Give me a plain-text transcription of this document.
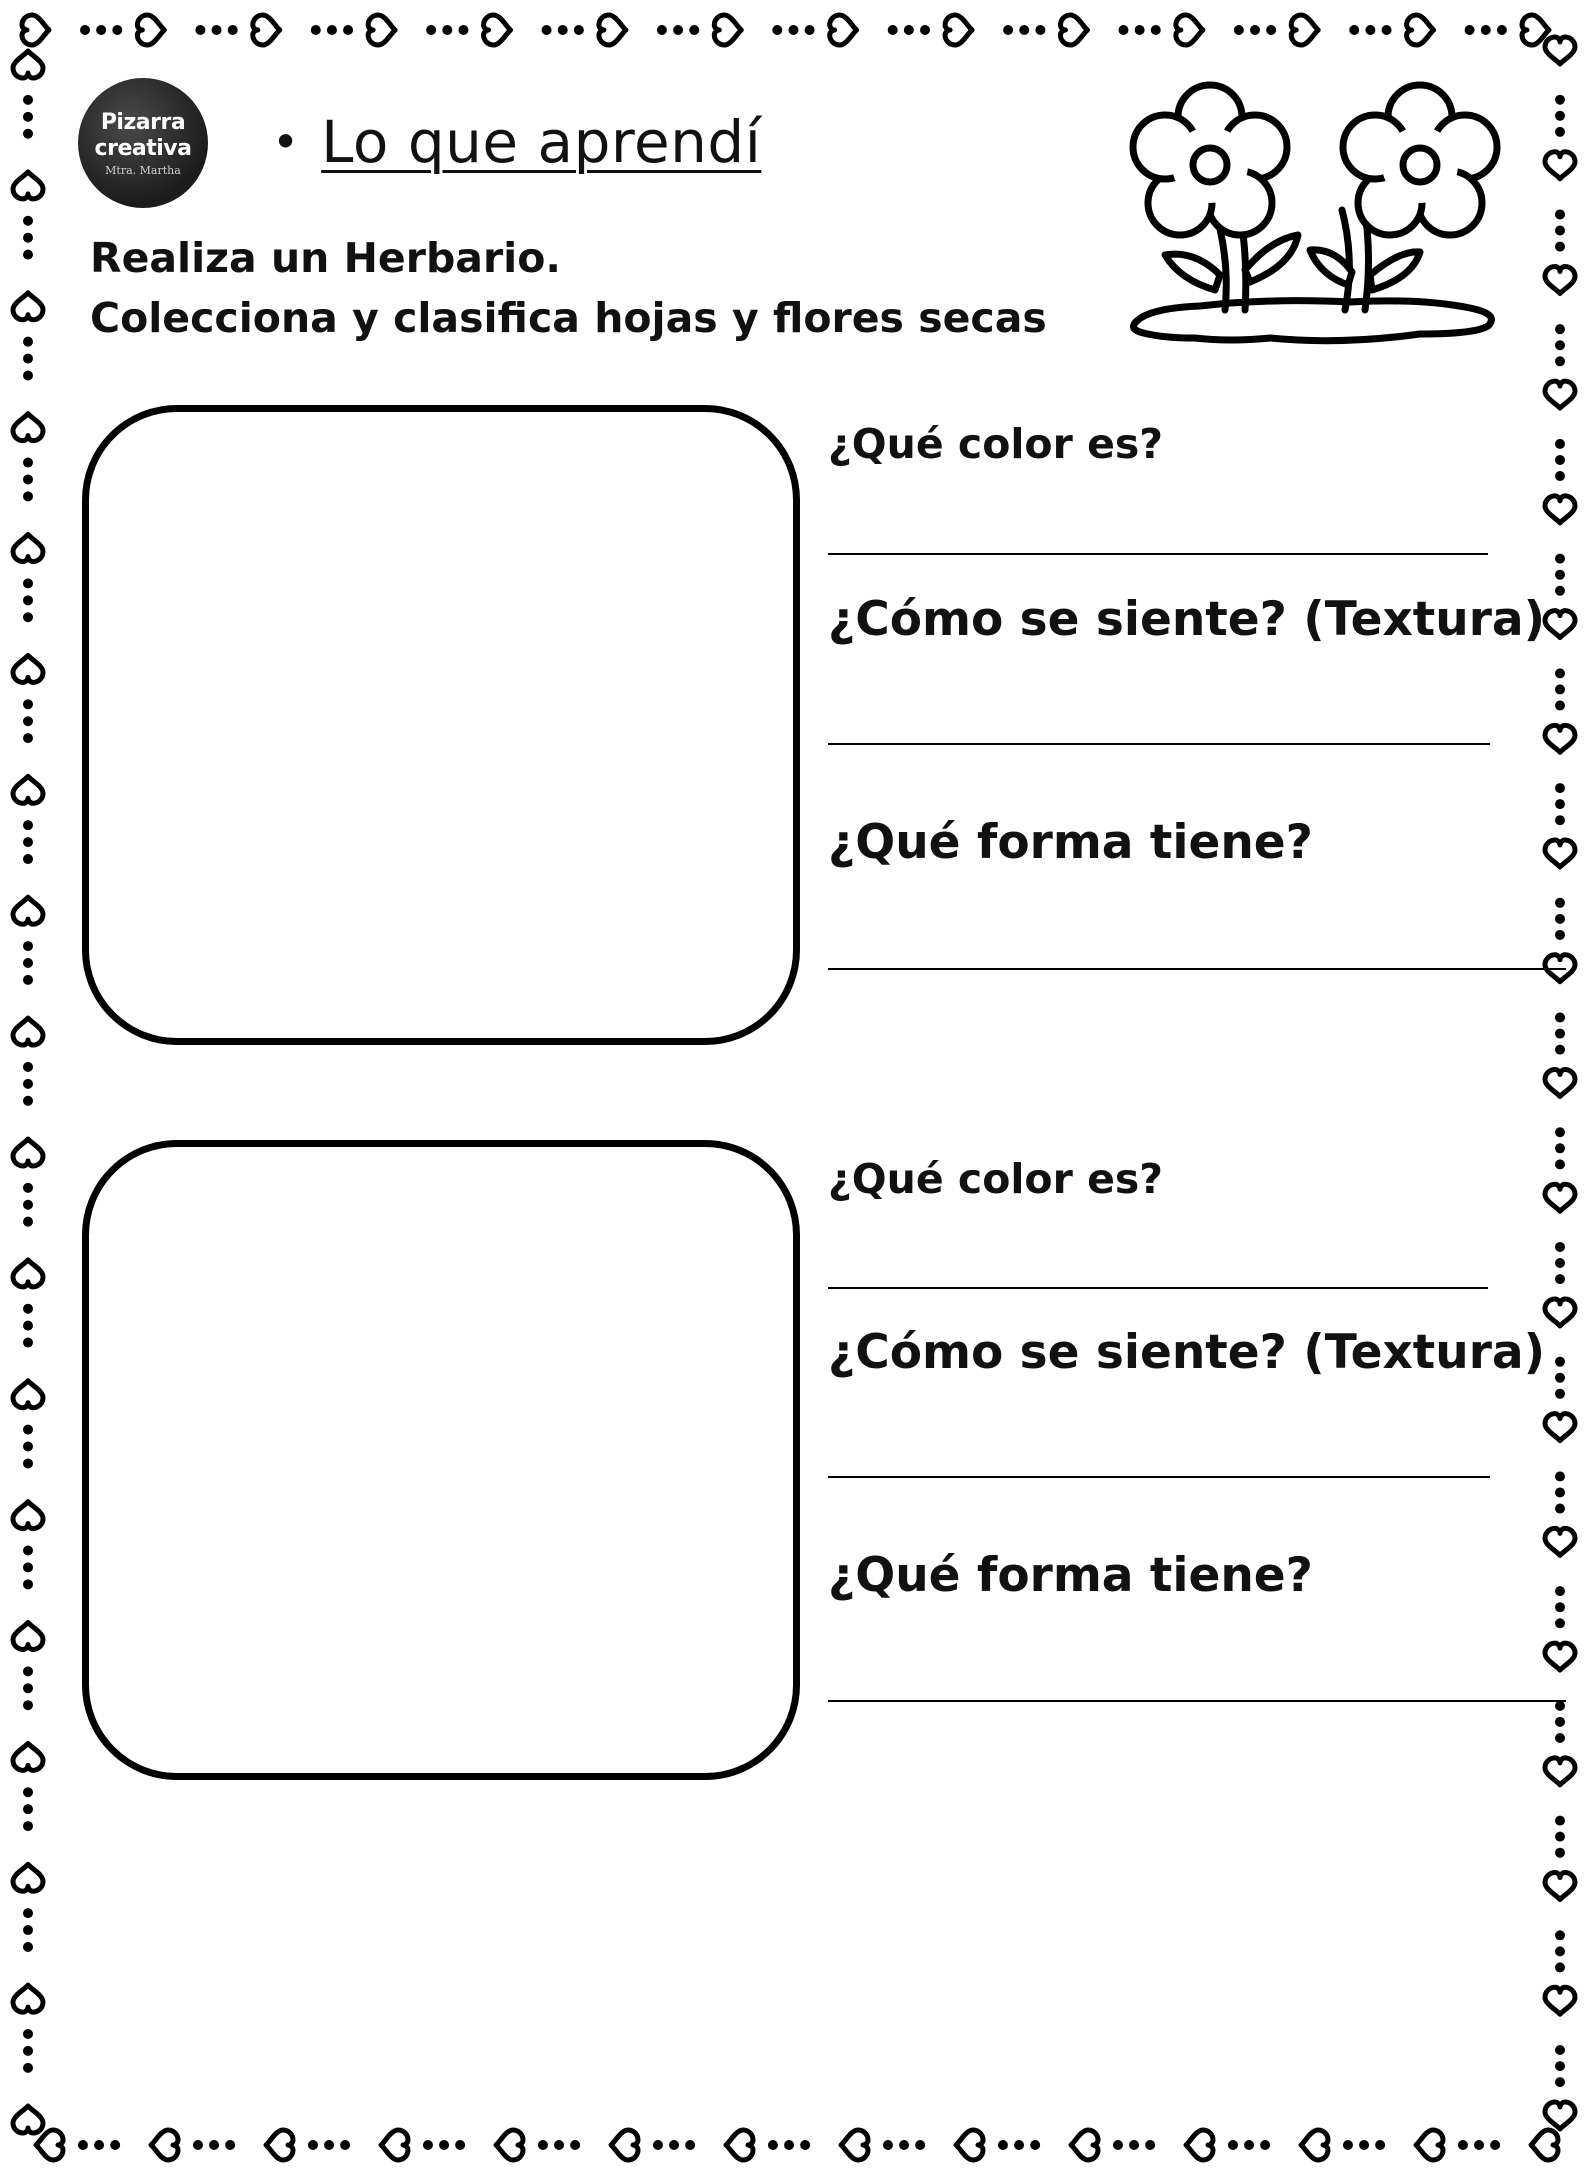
Pizarra
creativa
Mtra. Martha
• Lo que aprendí
Realiza un Herbario.
Colecciona y clasifica hojas y flores secas
¿Qué color es?
¿Cómo se siente? (Textura)
¿Qué forma tiene?
¿Qué color es?
¿Cómo se siente? (Textura)
¿Qué forma tiene?
